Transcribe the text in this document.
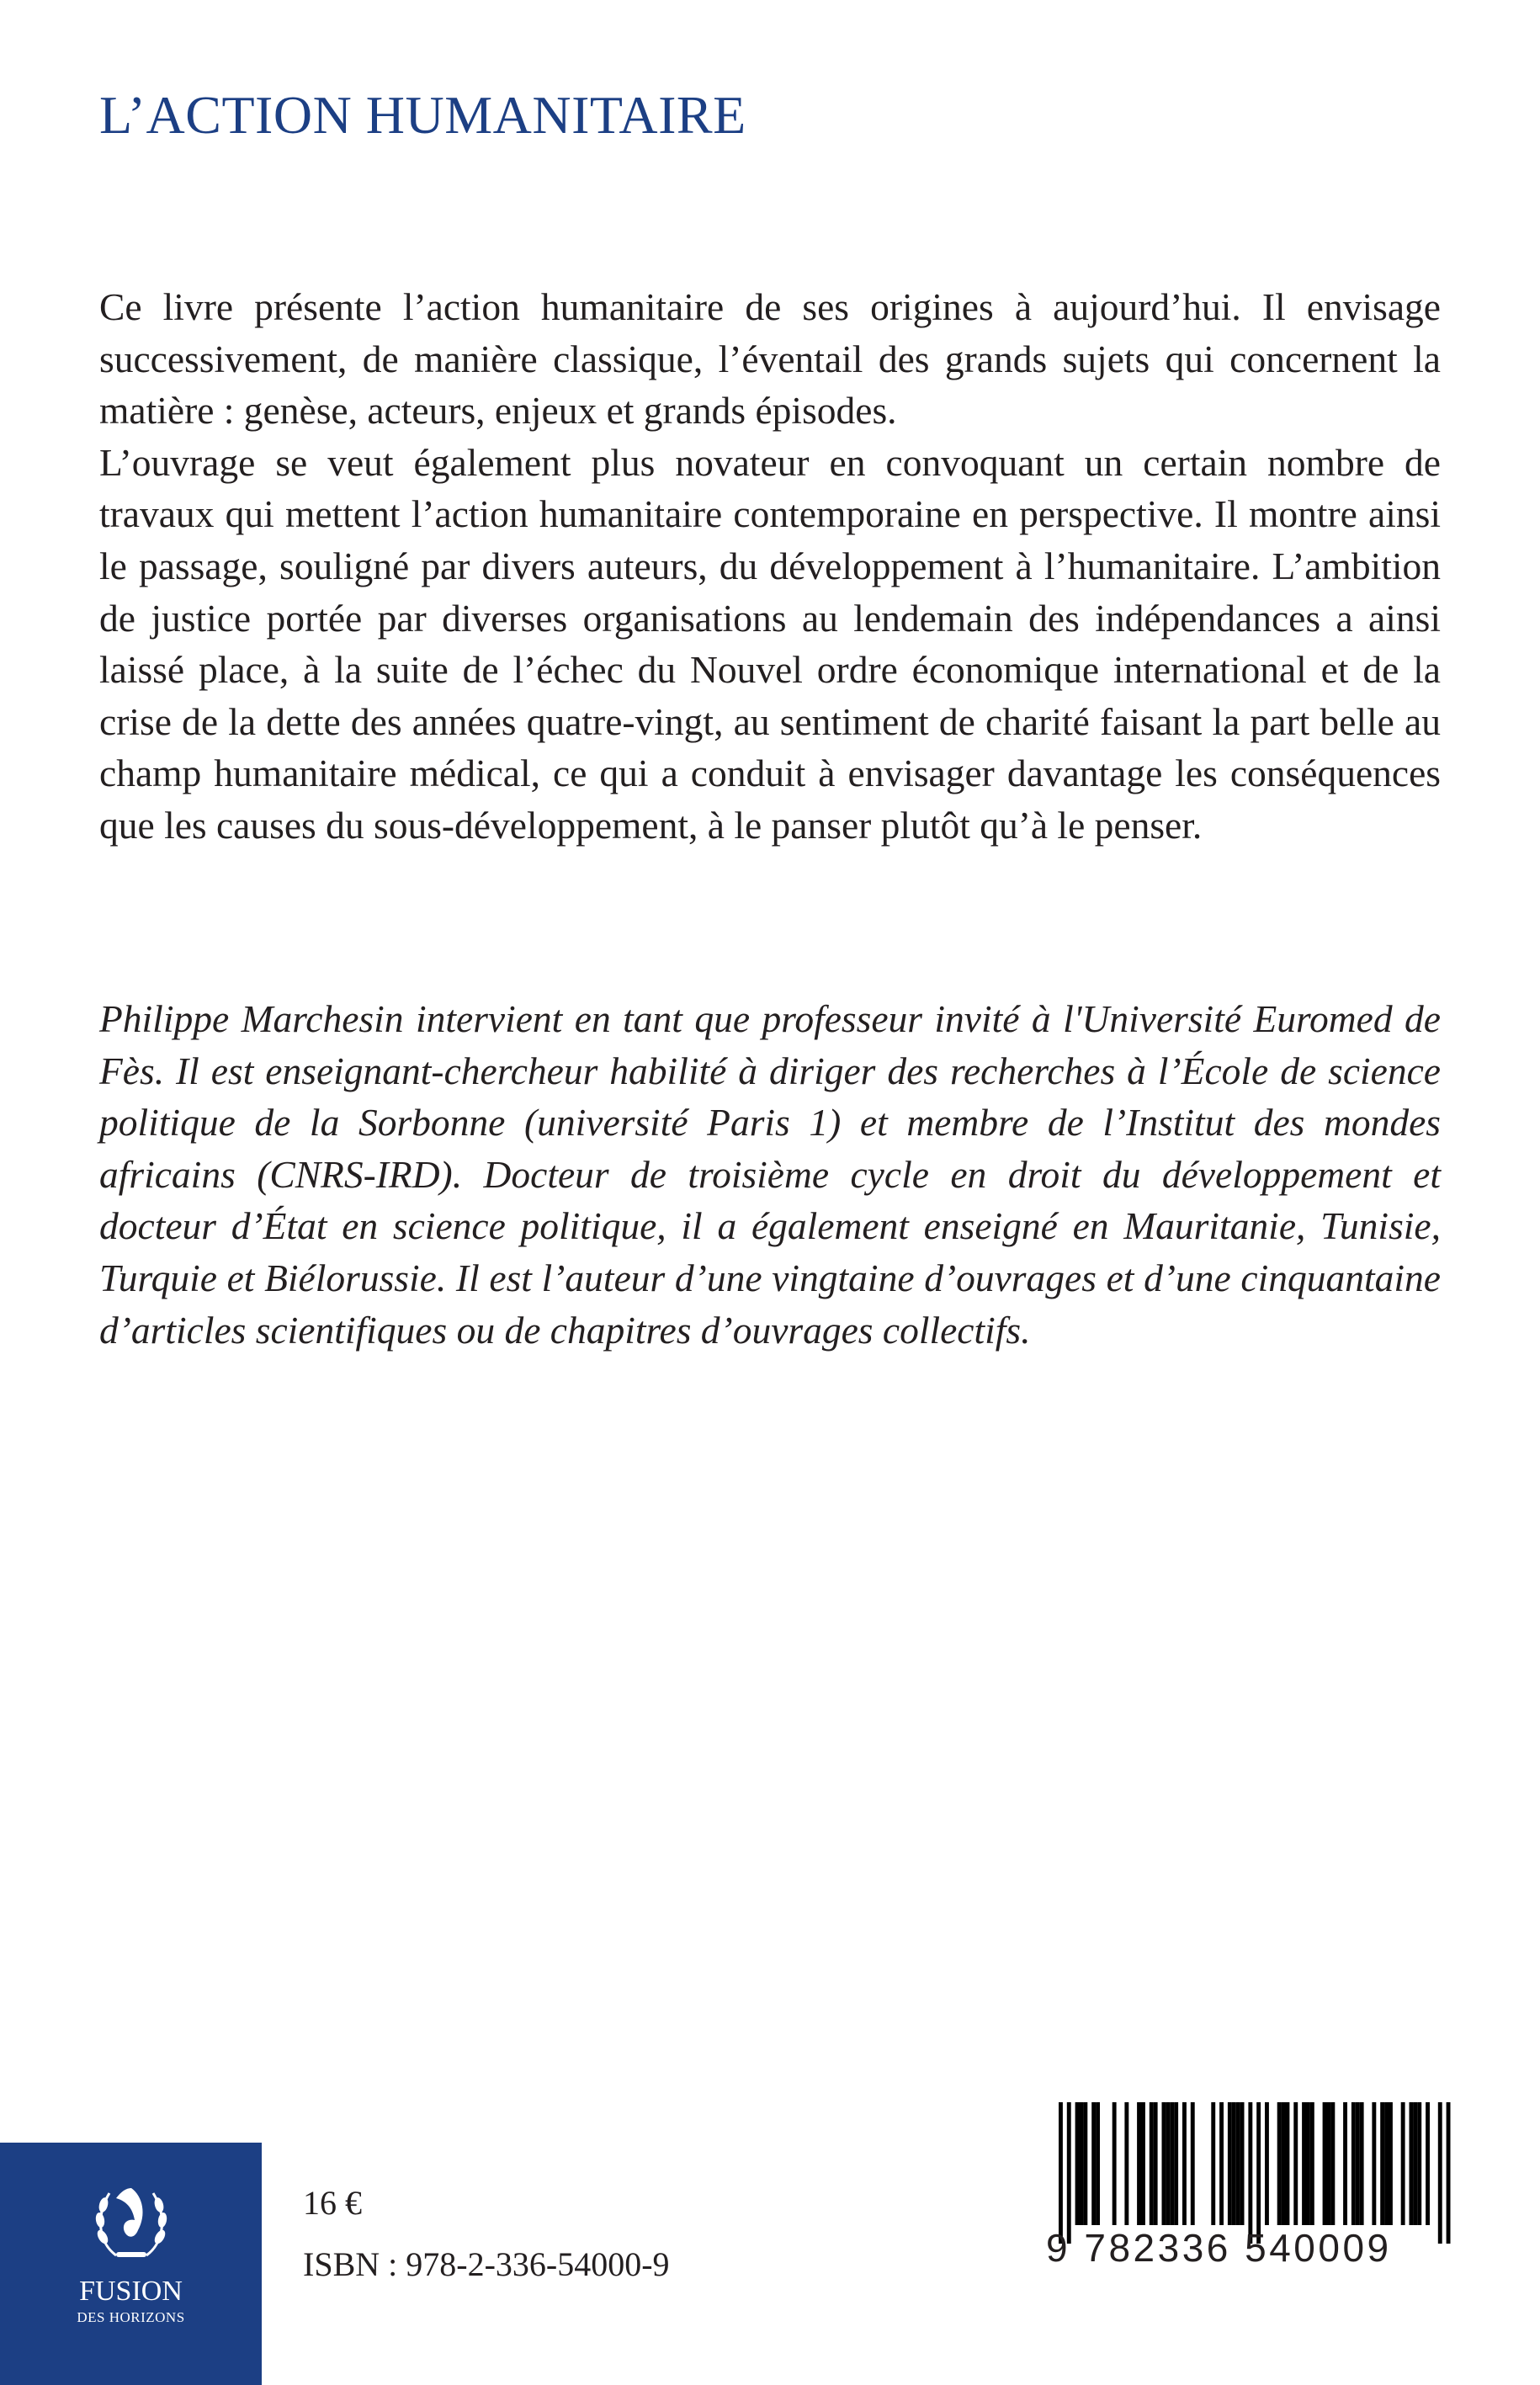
L’ACTION HUMANITAIRE

Ce livre présente l’action humanitaire de ses origines à aujourd’hui. Il envisage successivement, de manière classique, l’éventail des grands sujets qui concernent la matière : genèse, acteurs, enjeux et grands épisodes.

L’ouvrage se veut également plus novateur en convoquant un certain nombre de travaux qui mettent l’action humanitaire contemporaine en perspective. Il montre ainsi le passage, souligné par divers auteurs, du développement à l’humanitaire. L’ambition de justice portée par diverses organisations au lendemain des indépendances a ainsi laissé place, à la suite de l’échec du Nouvel ordre économique international et de la crise de la dette des années quatre-vingt, au sentiment de charité faisant la part belle au champ humanitaire médical, ce qui a conduit à envisager davantage les conséquences que les causes du sous-développement, à le panser plutôt qu’à le penser.

Philippe Marchesin intervient en tant que professeur invité à l'Université Euromed de Fès. Il est enseignant-chercheur habilité à diriger des recherches à l’École de science politique de la Sorbonne (université Paris 1) et membre de l’Institut des mondes africains (CNRS-IRD). Docteur de troisième cycle en droit du développement et docteur d’État en science politique, il a également enseigné en Mauritanie, Tunisie, Turquie et Biélorussie. Il est l’auteur d’une vingtaine d’ouvrages et d’une cinquantaine d’articles scientifiques ou de chapitres d’ouvrages collectifs.

FUSION
DES HORIZONS

16 €

ISBN : 978-2-336-54000-9	9 782336 540009
